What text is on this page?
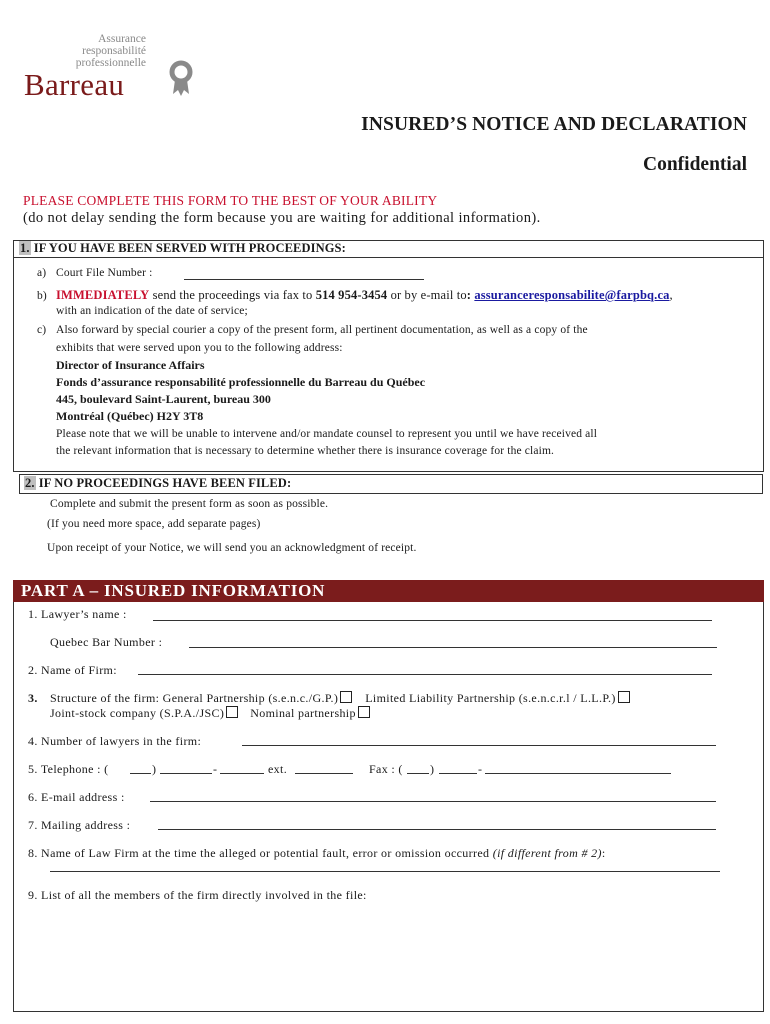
Assurance
responsabilité
professionnelle
Barreau
INSURED’S NOTICE AND DECLARATION
Confidential
PLEASE COMPLETE THIS FORM TO THE BEST OF YOUR ABILITY
(do not delay sending the form because you are waiting for additional information).
1. IF YOU HAVE BEEN SERVED WITH PROCEEDINGS:
a) Court File Number :
b) IMMEDIATELY send the proceedings via fax to 514 954-3454 or by e-mail to: assuranceresponsabilite@farpbq.ca,
with an indication of the date of service;
c) Also forward by special courier a copy of the present form, all pertinent documentation, as well as a copy of the
exhibits that were served upon you to the following address:
Director of Insurance Affairs
Fonds d’assurance responsabilité professionnelle du Barreau du Québec
445, boulevard Saint-Laurent, bureau 300
Montréal (Québec) H2Y 3T8
Please note that we will be unable to intervene and/or mandate counsel to represent you until we have received all
the relevant information that is necessary to determine whether there is insurance coverage for the claim.
2. IF NO PROCEEDINGS HAVE BEEN FILED:
Complete and submit the present form as soon as possible.
(If you need more space, add separate pages)
Upon receipt of your Notice, we will send you an acknowledgment of receipt.
PART A – INSURED INFORMATION
1. Lawyer’s name :
Quebec Bar Number :
2. Name of Firm:
3. Structure of the firm: General Partnership (s.e.n.c./G.P.) Limited Liability Partnership (s.e.n.c.r.l / L.L.P.)
Joint-stock company (S.P.A./JSC) Nominal partnership
4. Number of lawyers in the firm:
5. Telephone : (	)	-	ext.	Fax : ( )	-
6. E-mail address :
7. Mailing address :
8. Name of Law Firm at the time the alleged or potential fault, error or omission occurred (if different from # 2):
9. List of all the members of the firm directly involved in the file:
